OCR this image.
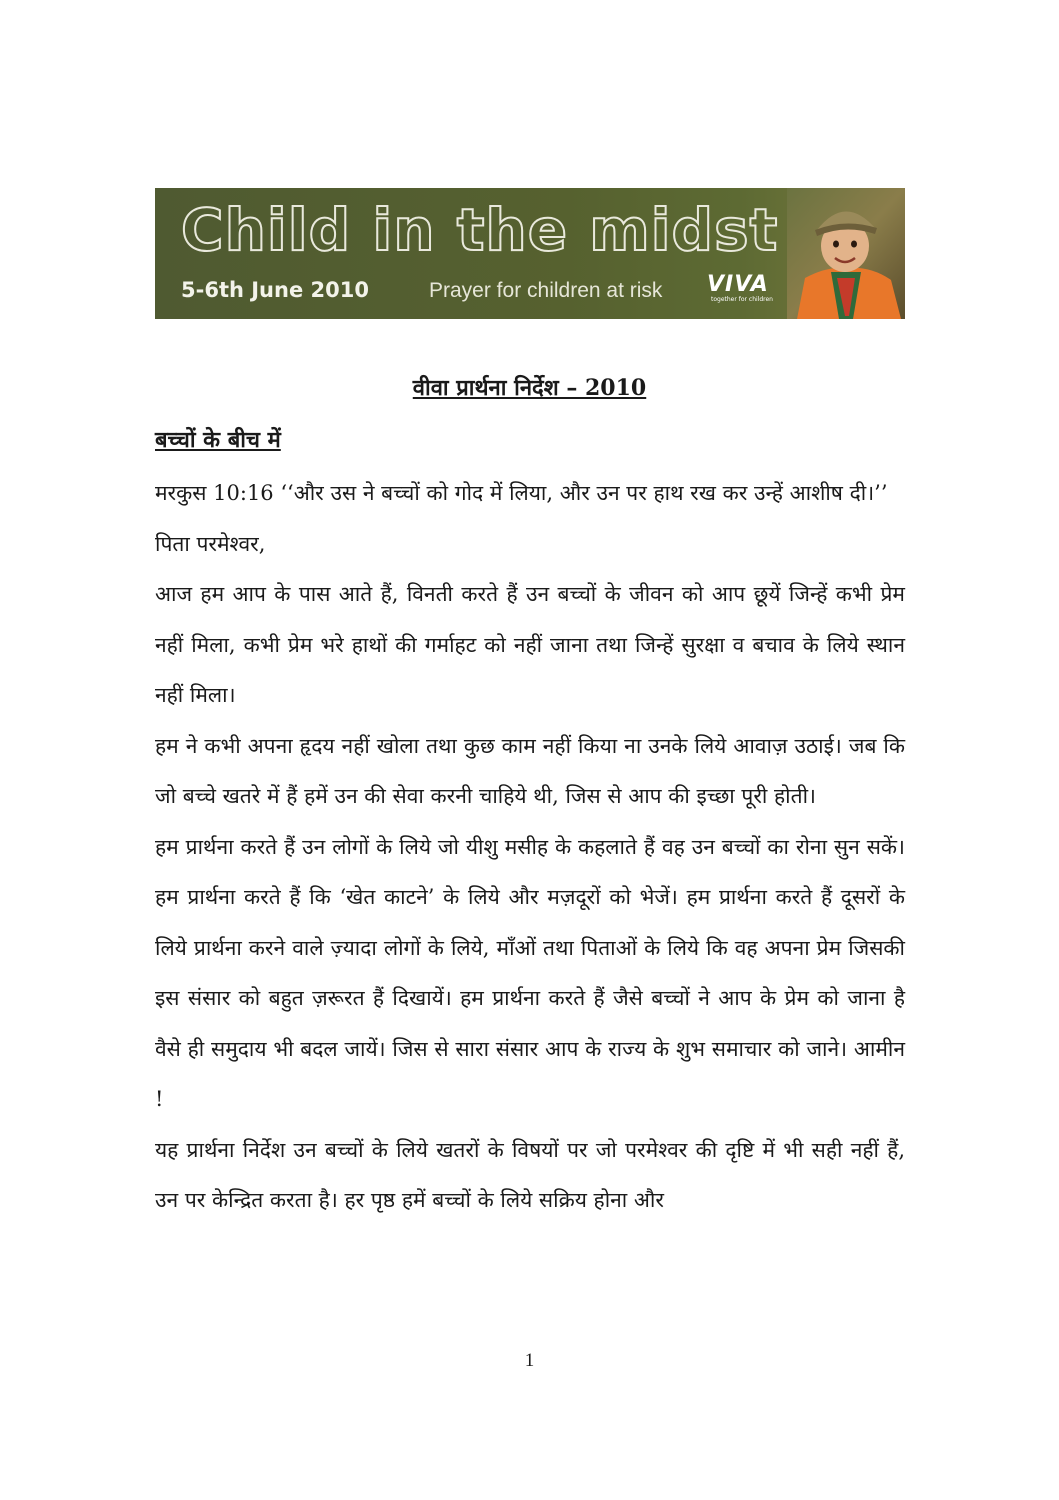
Child in the midst
5-6th June 2010	Prayer for children at risk VIVA
together for children
वीवा प्रार्थना निर्देश – 2010
बच्चों के बीच में

मरकुस 10:16 ‘‘और उस ने बच्चों को गोद में लिया, और उन पर हाथ रख कर उन्हें आशीष दी।’’

पिता परमेश्वर,

आज हम आप के पास आते हैं, विनती करते हैं उन बच्चों के जीवन को आप छूयें जिन्हें कभी प्रेम नहीं मिला, कभी प्रेम भरे हाथों की गर्माहट को नहीं जाना तथा जिन्हें सुरक्षा व बचाव के लिये स्थान नहीं मिला।

हम ने कभी अपना हृदय नहीं खोला तथा कुछ काम नहीं किया ना उनके लिये आवाज़ उठाई। जब कि जो बच्चे खतरे में हैं हमें उन की सेवा करनी चाहिये थी, जिस से आप की इच्छा पूरी होती।

हम प्रार्थना करते हैं उन लोगों के लिये जो यीशु मसीह के कहलाते हैं वह उन बच्चों का रोना सुन सकें। हम प्रार्थना करते हैं कि ‘खेत काटने’ के लिये और मज़दूरों को भेजें। हम प्रार्थना करते हैं दूसरों के लिये प्रार्थना करने वाले ज़्यादा लोगों के लिये, माँओं तथा पिताओं के लिये कि वह अपना प्रेम जिसकी इस संसार को बहुत ज़रूरत हैं दिखायें। हम प्रार्थना करते हैं जैसे बच्चों ने आप के प्रेम को जाना है वैसे ही समुदाय भी बदल जायें। जिस से सारा संसार आप के राज्य के शुभ समाचार को जाने। आमीन !

यह प्रार्थना निर्देश उन बच्चों के लिये खतरों के विषयों पर जो परमेश्वर की दृष्टि में भी सही नहीं हैं, उन पर केन्द्रित करता है। हर पृष्ठ हमें बच्चों के लिये सक्रिय होना और

1
